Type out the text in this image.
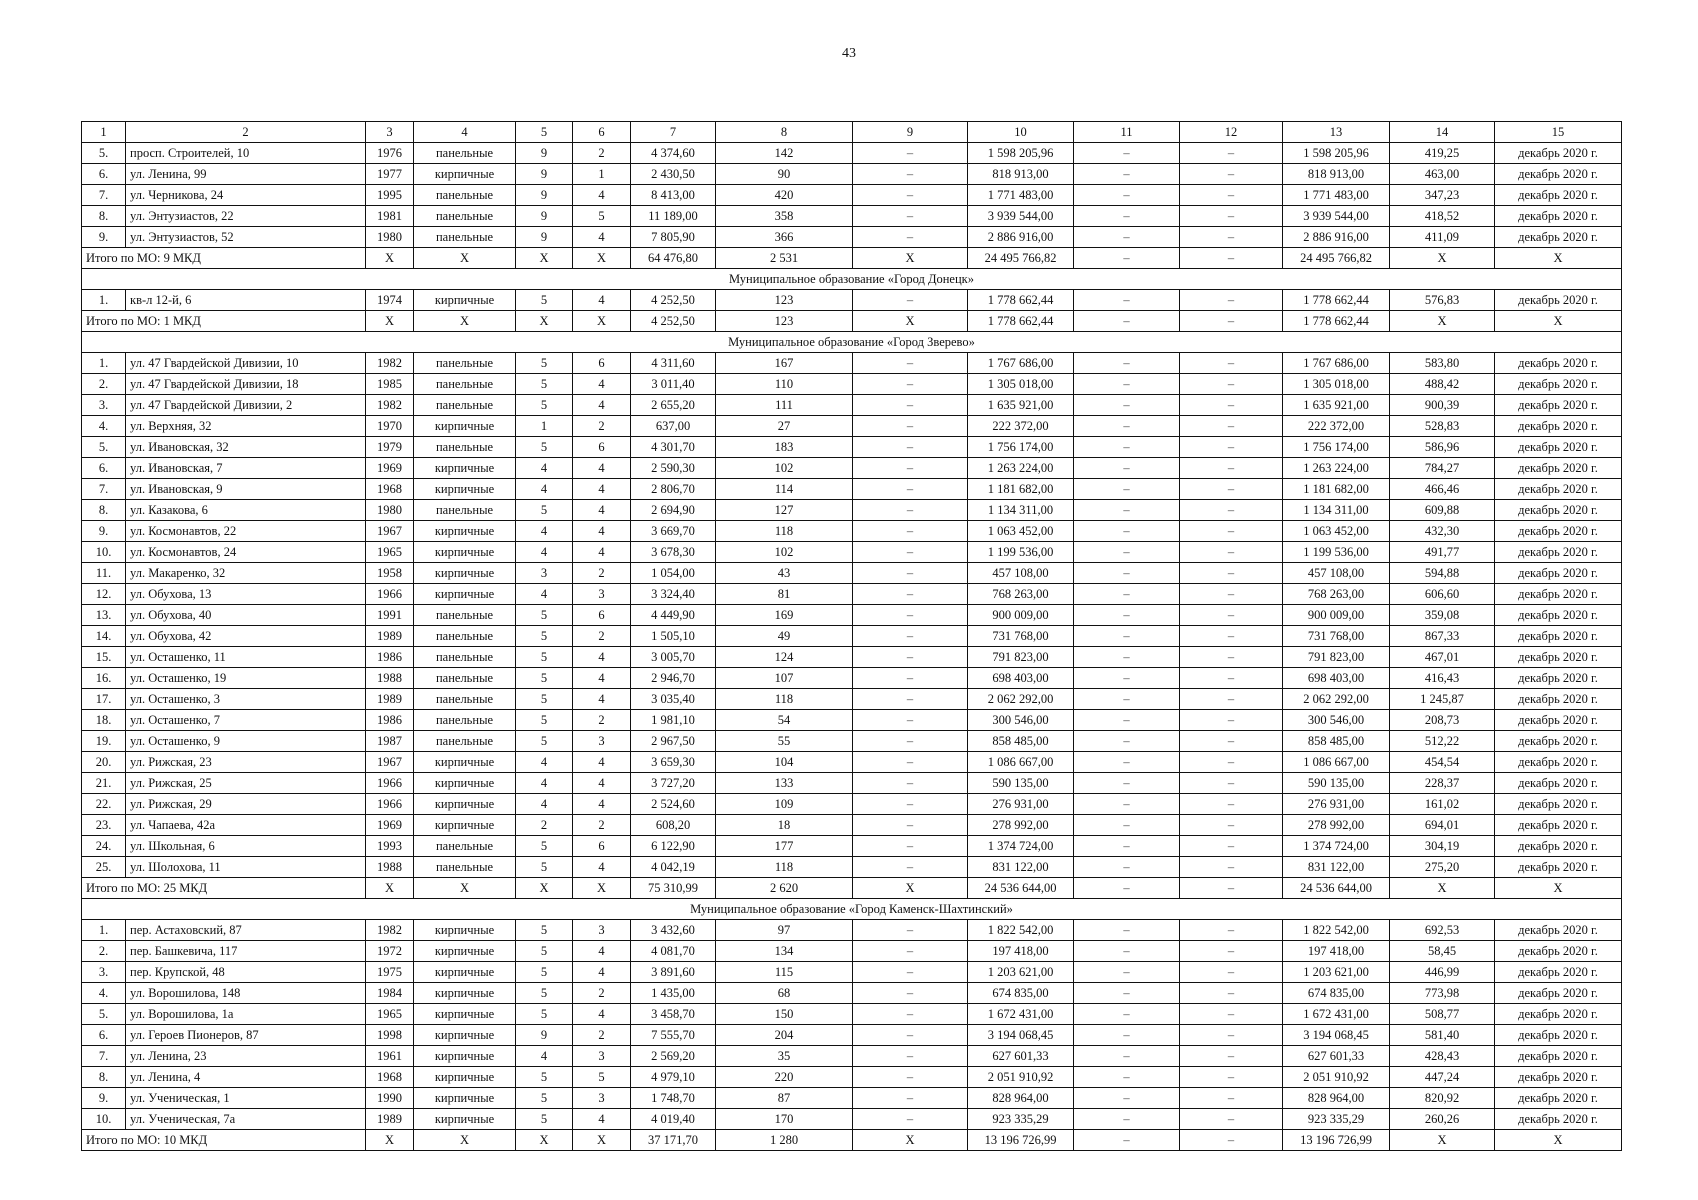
43
1	2	3	4	5	6	7	8	9	10	11	12	13	14	15
5.	просп. Строителей, 10	1976	панельные	9	2	4 374,60	142	–	1 598 205,96	–	–	1 598 205,96	419,25	декабрь 2020 г.
6.	ул. Ленина, 99	1977	кирпичные	9	1	2 430,50	90	–	818 913,00	–	–	818 913,00	463,00	декабрь 2020 г.
7.	ул. Черникова, 24	1995	панельные	9	4	8 413,00	420	–	1 771 483,00	–	–	1 771 483,00	347,23	декабрь 2020 г.
8.	ул. Энтузиастов, 22	1981	панельные	9	5	11 189,00	358	–	3 939 544,00	–	–	3 939 544,00	418,52	декабрь 2020 г.
9.	ул. Энтузиастов, 52	1980	панельные	9	4	7 805,90	366	–	2 886 916,00	–	–	2 886 916,00	411,09	декабрь 2020 г.
Итого по МО: 9 МКД		X	X	X	X	64 476,80	2 531	X	24 495 766,82	–	–	24 495 766,82	X	X
Муниципальное образование «Город Донецк»														
1.	кв-л 12-й, 6	1974	кирпичные	5	4	4 252,50	123	–	1 778 662,44	–	–	1 778 662,44	576,83	декабрь 2020 г.
Итого по МО: 1 МКД		X	X	X	X	4 252,50	123	X	1 778 662,44	–	–	1 778 662,44	X	X
Муниципальное образование «Город Зверево»														
1.	ул. 47 Гвардейской Дивизии, 10	1982	панельные	5	6	4 311,60	167	–	1 767 686,00	–	–	1 767 686,00	583,80	декабрь 2020 г.
2.	ул. 47 Гвардейской Дивизии, 18	1985	панельные	5	4	3 011,40	110	–	1 305 018,00	–	–	1 305 018,00	488,42	декабрь 2020 г.
3.	ул. 47 Гвардейской Дивизии, 2	1982	панельные	5	4	2 655,20	111	–	1 635 921,00	–	–	1 635 921,00	900,39	декабрь 2020 г.
4.	ул. Верхняя, 32	1970	кирпичные	1	2	637,00	27	–	222 372,00	–	–	222 372,00	528,83	декабрь 2020 г.
5.	ул. Ивановская, 32	1979	панельные	5	6	4 301,70	183	–	1 756 174,00	–	–	1 756 174,00	586,96	декабрь 2020 г.
6.	ул. Ивановская, 7	1969	кирпичные	4	4	2 590,30	102	–	1 263 224,00	–	–	1 263 224,00	784,27	декабрь 2020 г.
7.	ул. Ивановская, 9	1968	кирпичные	4	4	2 806,70	114	–	1 181 682,00	–	–	1 181 682,00	466,46	декабрь 2020 г.
8.	ул. Казакова, 6	1980	панельные	5	4	2 694,90	127	–	1 134 311,00	–	–	1 134 311,00	609,88	декабрь 2020 г.
9.	ул. Космонавтов, 22	1967	кирпичные	4	4	3 669,70	118	–	1 063 452,00	–	–	1 063 452,00	432,30	декабрь 2020 г.
10.	ул. Космонавтов, 24	1965	кирпичные	4	4	3 678,30	102	–	1 199 536,00	–	–	1 199 536,00	491,77	декабрь 2020 г.
11.	ул. Макаренко, 32	1958	кирпичные	3	2	1 054,00	43	–	457 108,00	–	–	457 108,00	594,88	декабрь 2020 г.
12.	ул. Обухова, 13	1966	кирпичные	4	3	3 324,40	81	–	768 263,00	–	–	768 263,00	606,60	декабрь 2020 г.
13.	ул. Обухова, 40	1991	панельные	5	6	4 449,90	169	–	900 009,00	–	–	900 009,00	359,08	декабрь 2020 г.
14.	ул. Обухова, 42	1989	панельные	5	2	1 505,10	49	–	731 768,00	–	–	731 768,00	867,33	декабрь 2020 г.
15.	ул. Осташенко, 11	1986	панельные	5	4	3 005,70	124	–	791 823,00	–	–	791 823,00	467,01	декабрь 2020 г.
16.	ул. Осташенко, 19	1988	панельные	5	4	2 946,70	107	–	698 403,00	–	–	698 403,00	416,43	декабрь 2020 г.
17.	ул. Осташенко, 3	1989	панельные	5	4	3 035,40	118	–	2 062 292,00	–	–	2 062 292,00	1 245,87	декабрь 2020 г.
18.	ул. Осташенко, 7	1986	панельные	5	2	1 981,10	54	–	300 546,00	–	–	300 546,00	208,73	декабрь 2020 г.
19.	ул. Осташенко, 9	1987	панельные	5	3	2 967,50	55	–	858 485,00	–	–	858 485,00	512,22	декабрь 2020 г.
20.	ул. Рижская, 23	1967	кирпичные	4	4	3 659,30	104	–	1 086 667,00	–	–	1 086 667,00	454,54	декабрь 2020 г.
21.	ул. Рижская, 25	1966	кирпичные	4	4	3 727,20	133	–	590 135,00	–	–	590 135,00	228,37	декабрь 2020 г.
22.	ул. Рижская, 29	1966	кирпичные	4	4	2 524,60	109	–	276 931,00	–	–	276 931,00	161,02	декабрь 2020 г.
23.	ул. Чапаева, 42а	1969	кирпичные	2	2	608,20	18	–	278 992,00	–	–	278 992,00	694,01	декабрь 2020 г.
24.	ул. Школьная, 6	1993	панельные	5	6	6 122,90	177	–	1 374 724,00	–	–	1 374 724,00	304,19	декабрь 2020 г.
25.	ул. Шолохова, 11	1988	панельные	5	4	4 042,19	118	–	831 122,00	–	–	831 122,00	275,20	декабрь 2020 г.
Итого по МО: 25 МКД		X	X	X	X	75 310,99	2 620	X	24 536 644,00	–	–	24 536 644,00	X	X
Муниципальное образование «Город Каменск-Шахтинский»														
1.	пер. Астаховский, 87	1982	кирпичные	5	3	3 432,60	97	–	1 822 542,00	–	–	1 822 542,00	692,53	декабрь 2020 г.
2.	пер. Башкевича, 117	1972	кирпичные	5	4	4 081,70	134	–	197 418,00	–	–	197 418,00	58,45	декабрь 2020 г.
3.	пер. Крупской, 48	1975	кирпичные	5	4	3 891,60	115	–	1 203 621,00	–	–	1 203 621,00	446,99	декабрь 2020 г.
4.	ул. Ворошилова, 148	1984	кирпичные	5	2	1 435,00	68	–	674 835,00	–	–	674 835,00	773,98	декабрь 2020 г.
5.	ул. Ворошилова, 1а	1965	кирпичные	5	4	3 458,70	150	–	1 672 431,00	–	–	1 672 431,00	508,77	декабрь 2020 г.
6.	ул. Героев Пионеров, 87	1998	кирпичные	9	2	7 555,70	204	–	3 194 068,45	–	–	3 194 068,45	581,40	декабрь 2020 г.
7.	ул. Ленина, 23	1961	кирпичные	4	3	2 569,20	35	–	627 601,33	–	–	627 601,33	428,43	декабрь 2020 г.
8.	ул. Ленина, 4	1968	кирпичные	5	5	4 979,10	220	–	2 051 910,92	–	–	2 051 910,92	447,24	декабрь 2020 г.
9.	ул. Ученическая, 1	1990	кирпичные	5	3	1 748,70	87	–	828 964,00	–	–	828 964,00	820,92	декабрь 2020 г.
10.	ул. Ученическая, 7а	1989	кирпичные	5	4	4 019,40	170	–	923 335,29	–	–	923 335,29	260,26	декабрь 2020 г.
Итого по МО: 10 МКД		X	X	X	X	37 171,70	1 280	X	13 196 726,99	–	–	13 196 726,99	X	X
